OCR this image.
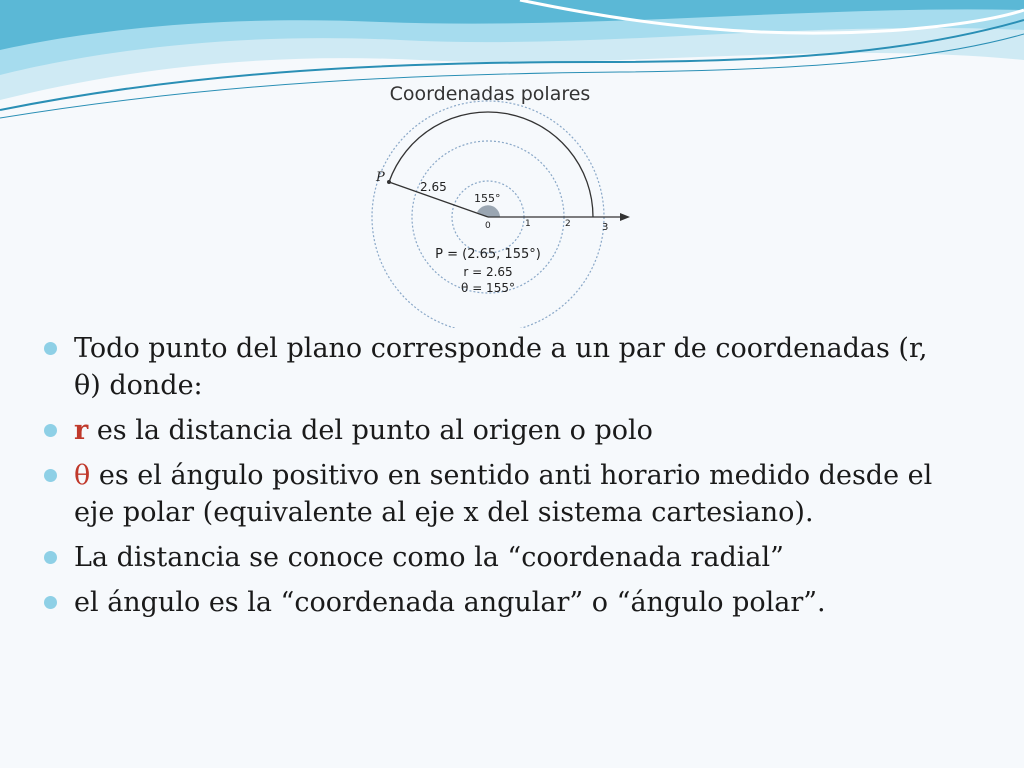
Coordenadas polares
P
2.65
155°
0	1	2	3
P = (2.65, 155°)
r = 2.65
θ = 155°
Todo punto del plano corresponde a un par de coordenadas (r, θ) donde:
r es la distancia del punto al origen o polo
θ es el ángulo positivo en sentido anti horario medido desde el eje polar (equivalente al eje x del sistema cartesiano).
La distancia se conoce como la “coordenada radial”
el ángulo es la “coordenada angular” o “ángulo polar”.
